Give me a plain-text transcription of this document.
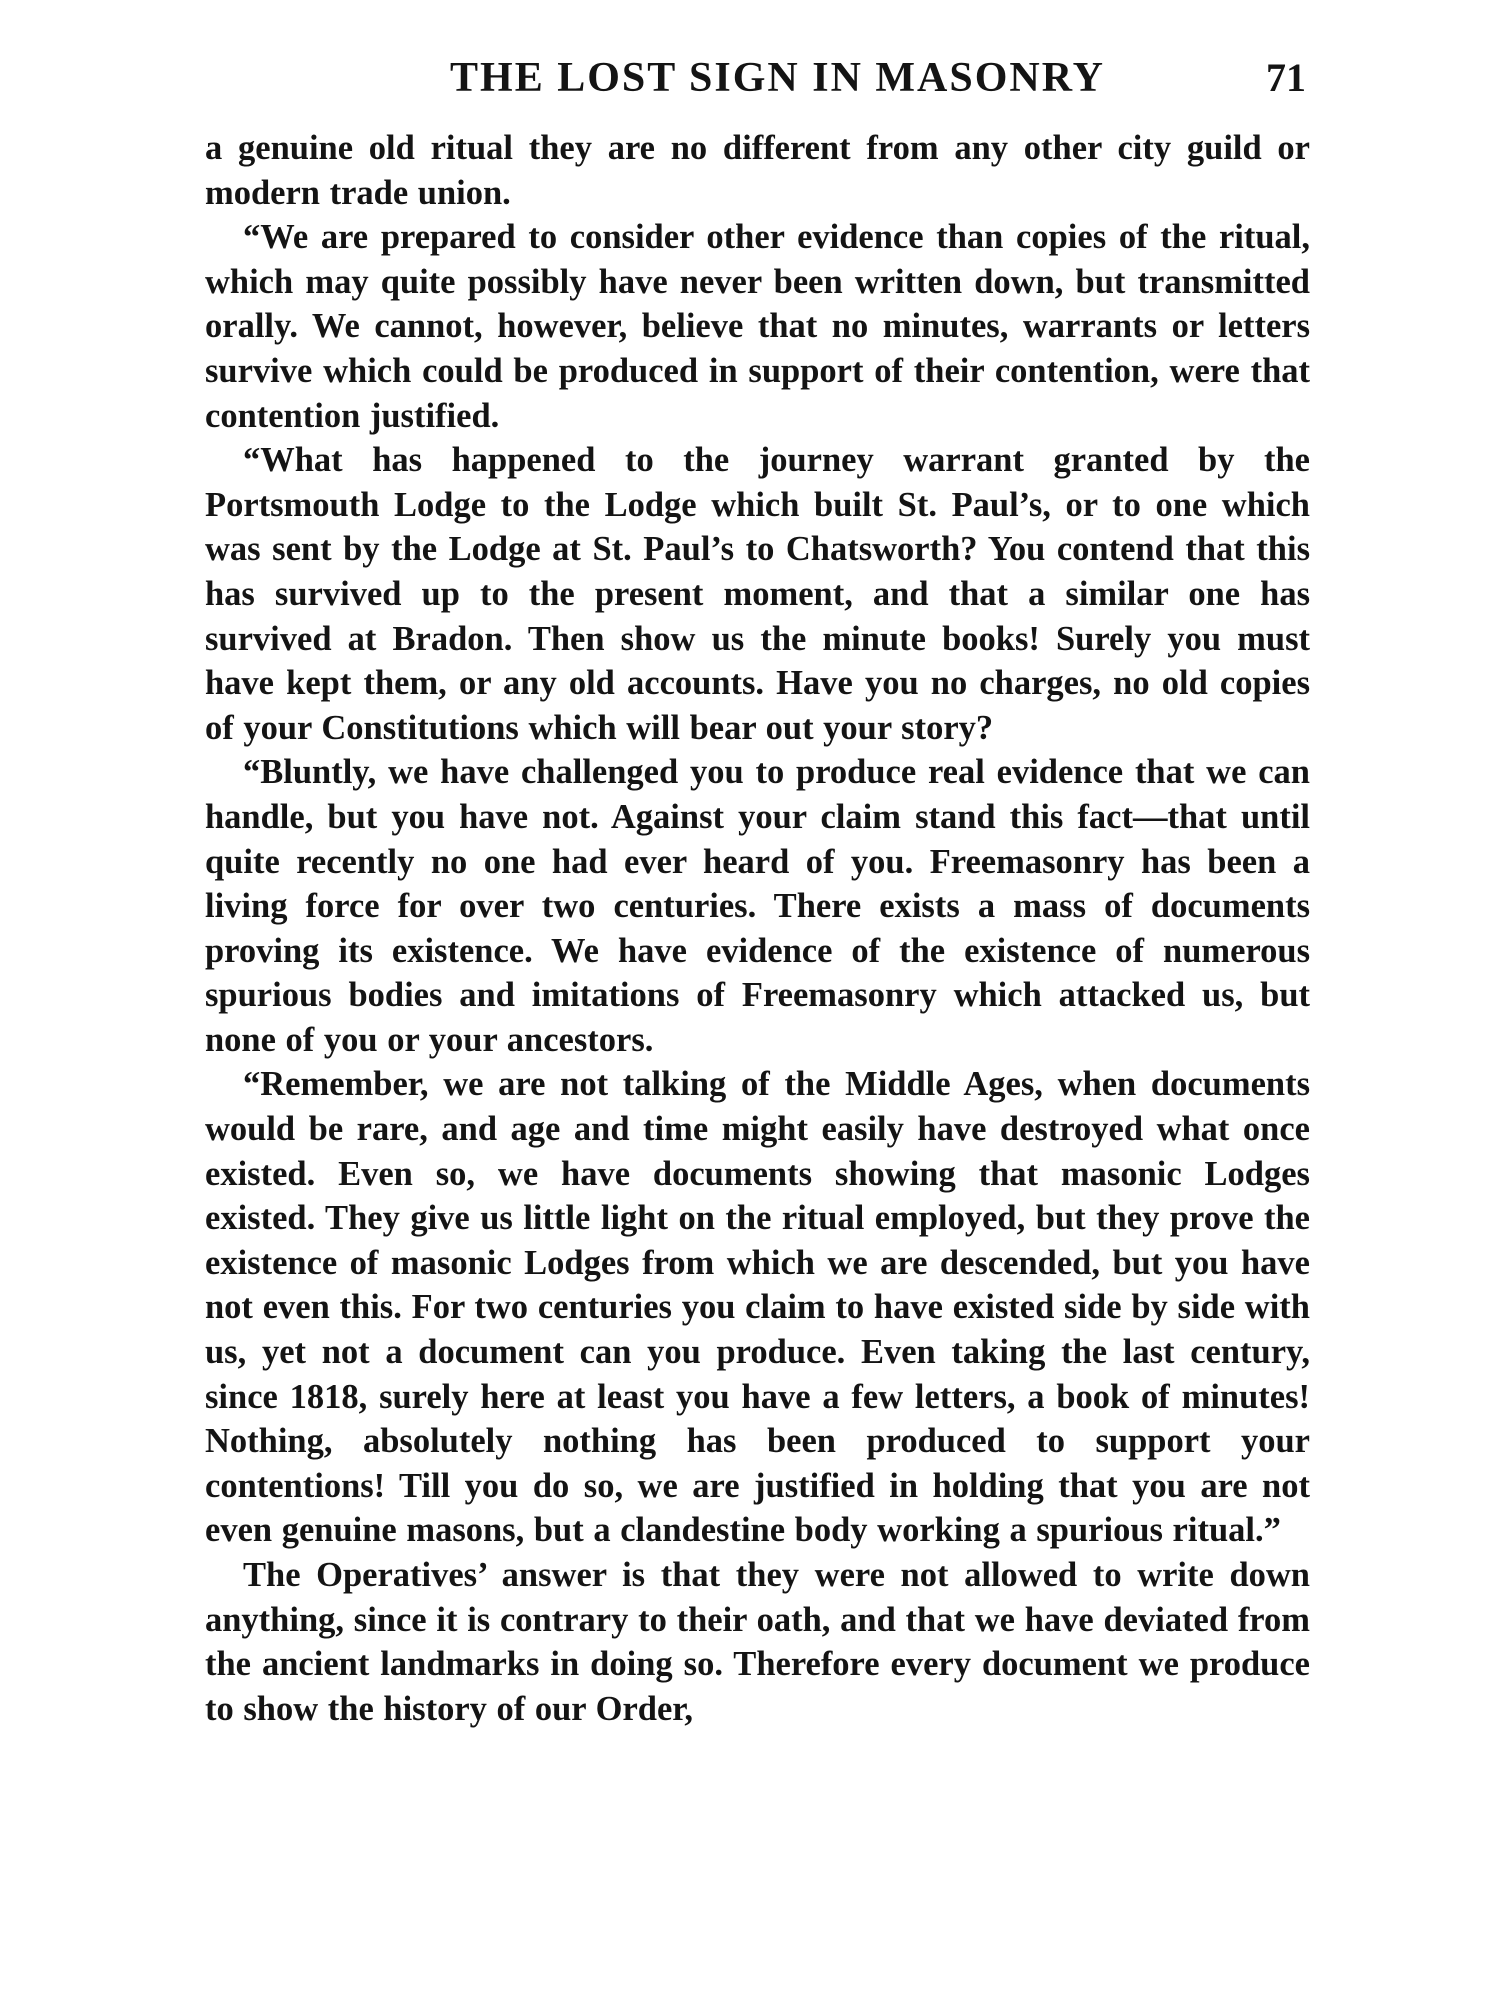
THE LOST SIGN IN MASONRY	71

a genuine old ritual they are no different from any other city guild or modern trade union.

“We are prepared to consider other evidence than copies of the ritual, which may quite possibly have never been written down, but transmitted orally. We cannot, however, believe that no minutes, warrants or letters survive which could be produced in support of their contention, were that contention justified.

“What has happened to the journey warrant granted by the Portsmouth Lodge to the Lodge which built St. Paul’s, or to one which was sent by the Lodge at St. Paul’s to Chatsworth? You contend that this has survived up to the present moment, and that a similar one has survived at Bradon. Then show us the minute books! Surely you must have kept them, or any old accounts. Have you no charges, no old copies of your Constitutions which will bear out your story?

“Bluntly, we have challenged you to produce real evidence that we can handle, but you have not. Against your claim stand this fact—that until quite recently no one had ever heard of you. Freemasonry has been a living force for over two centuries. There exists a mass of documents proving its existence. We have evidence of the existence of numerous spurious bodies and imitations of Freemasonry which attacked us, but none of you or your ancestors.

“Remember, we are not talking of the Middle Ages, when documents would be rare, and age and time might easily have destroyed what once existed. Even so, we have documents showing that masonic Lodges existed. They give us little light on the ritual employed, but they prove the existence of masonic Lodges from which we are descended, but you have not even this. For two centuries you claim to have existed side by side with us, yet not a document can you produce. Even taking the last century, since 1818, surely here at least you have a few letters, a book of minutes! Nothing, absolutely nothing has been produced to support your contentions! Till you do so, we are justified in holding that you are not even genuine masons, but a clandestine body working a spurious ritual.”

The Operatives’ answer is that they were not allowed to write down anything, since it is contrary to their oath, and that we have deviated from the ancient landmarks in doing so. Therefore every document we produce to show the history of our Order,
